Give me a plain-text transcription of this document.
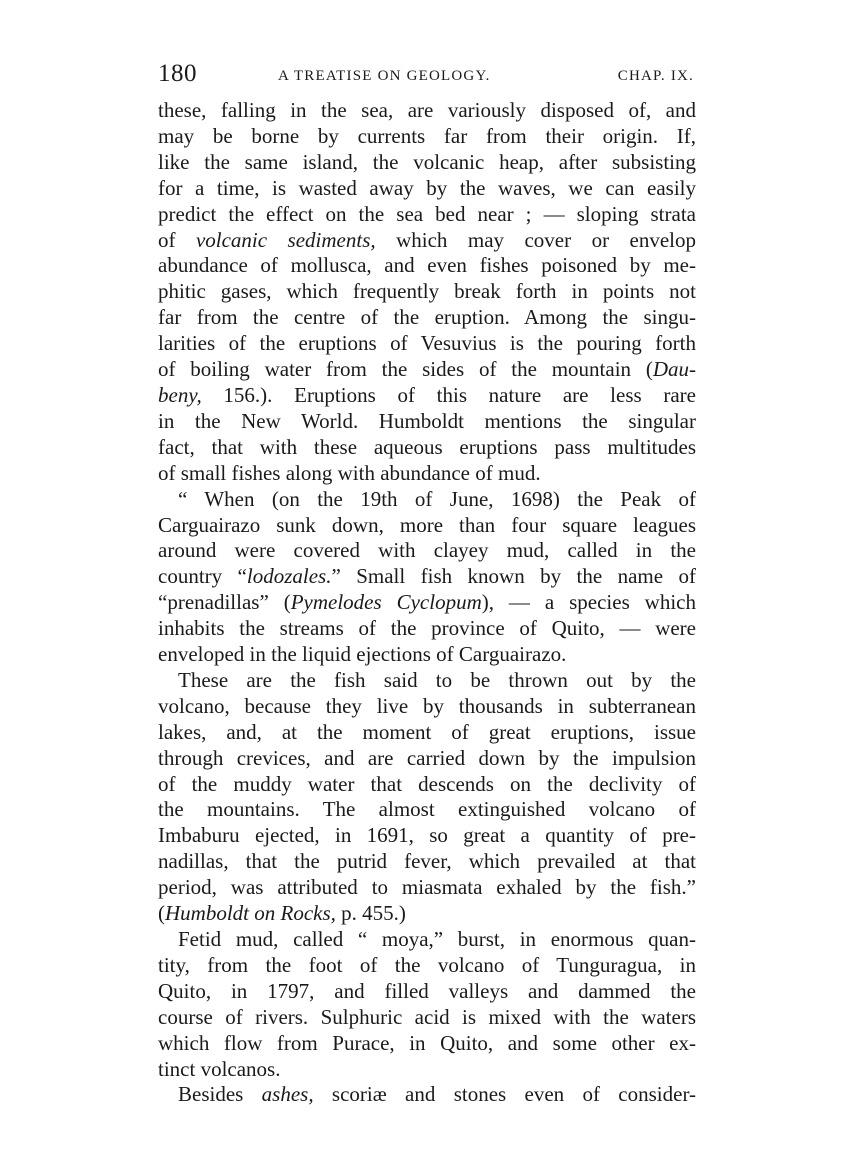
180	A TREATISE ON GEOLOGY.	CHAP. IX.

these, falling in the sea, are variously disposed of, and

may be borne by currents far from their origin. If,

like the same island, the volcanic heap, after subsisting

for a time, is wasted away by the waves, we can easily

predict the effect on the sea bed near ; — sloping strata

of volcanic sediments, which may cover or envelop

abundance of mollusca, and even fishes poisoned by me-

phitic gases, which frequently break forth in points not

far from the centre of the eruption. Among the singu-

larities of the eruptions of Vesuvius is the pouring forth

of boiling water from the sides of the mountain (Dau-

beny, 156.). Eruptions of this nature are less rare

in the New World. Humboldt mentions the singular

fact, that with these aqueous eruptions pass multitudes

of small fishes along with abundance of mud.

“ When (on the 19th of June, 1698) the Peak of

Carguairazo sunk down, more than four square leagues

around were covered with clayey mud, called in the

country “lodozales.” Small fish known by the name of

“prenadillas” (Pymelodes Cyclopum), — a species which

inhabits the streams of the province of Quito, — were

enveloped in the liquid ejections of Carguairazo.

These are the fish said to be thrown out by the

volcano, because they live by thousands in subterranean

lakes, and, at the moment of great eruptions, issue

through crevices, and are carried down by the impulsion

of the muddy water that descends on the declivity of

the mountains. The almost extinguished volcano of

Imbaburu ejected, in 1691, so great a quantity of pre-

nadillas, that the putrid fever, which prevailed at that

period, was attributed to miasmata exhaled by the fish.”

(Humboldt on Rocks, p. 455.)

Fetid mud, called “ moya,” burst, in enormous quan-

tity, from the foot of the volcano of Tunguragua, in

Quito, in 1797, and filled valleys and dammed the

course of rivers. Sulphuric acid is mixed with the waters

which flow from Purace, in Quito, and some other ex-

tinct volcanos.

Besides ashes, scoriæ and stones even of consider-
